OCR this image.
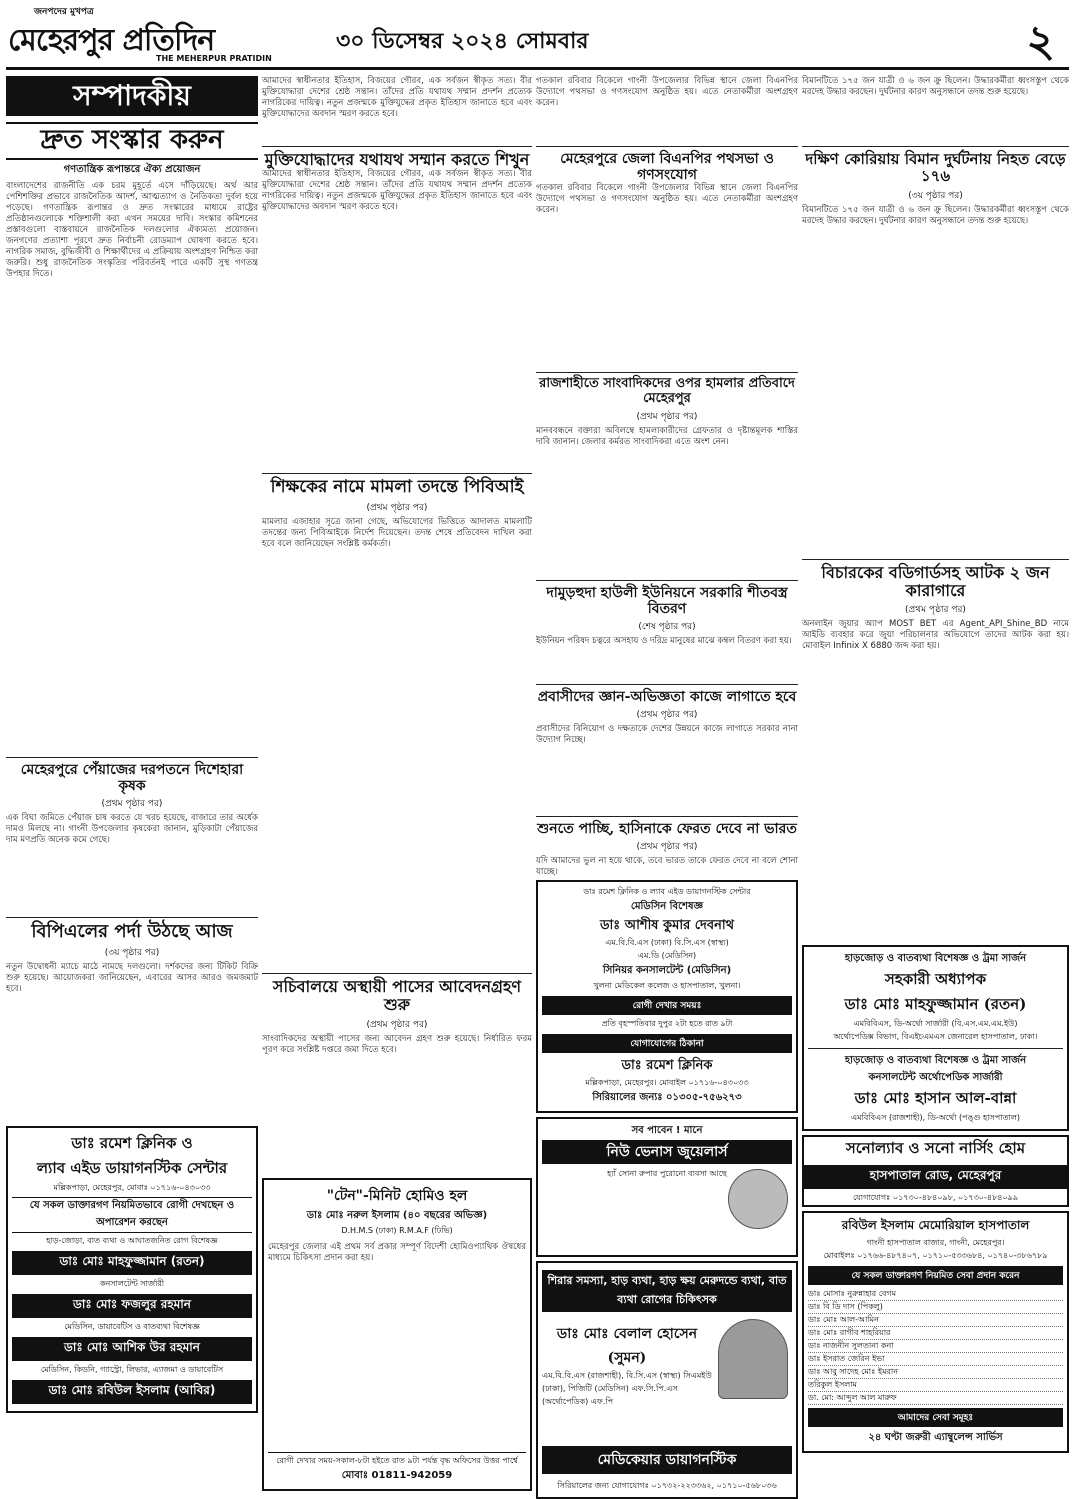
জনপদের মুখপত্র
মেহেরপুর প্রতিদিন
THE MEHERPUR PRATIDIN
৩০ ডিসেম্বর ২০২৪ সোমবার	২
সম্পাদকীয়
দ্রুত সংস্কার করুন
গণতান্ত্রিক রূপান্তরে ঐক্য প্রয়োজন
বাংলাদেশের রাজনীতি এক চরম মুহূর্তে এসে দাঁড়িয়েছে। অর্থ আর পেশিশক্তির প্রভাবে রাজনৈতিক আদর্শ, আত্মত্যাগ ও নৈতিকতা দুর্বল হয়ে পড়েছে। গণতান্ত্রিক রূপান্তর ও দ্রুত সংস্কারের মাধ্যমে রাষ্ট্রের প্রতিষ্ঠানগুলোকে শক্তিশালী করা এখন সময়ের দাবি। সংস্কার কমিশনের প্রস্তাবগুলো বাস্তবায়নে রাজনৈতিক দলগুলোর ঐক্যমত্য প্রয়োজন। জনগণের প্রত্যাশা পূরণে দ্রুত নির্বাচনী রোডম্যাপ ঘোষণা করতে হবে। নাগরিক সমাজ, বুদ্ধিজীবী ও শিক্ষার্থীদের এ প্রক্রিয়ায় অংশগ্রহণ নিশ্চিত করা জরুরি। শুধু রাজনৈতিক সংস্কৃতির পরিবর্তনই পারে একটি সুস্থ গণতন্ত্র উপহার দিতে।
মেহেরপুরে পেঁয়াজের দরপতনে দিশেহারা কৃষক
(প্রথম পৃষ্ঠার পর)
এক বিঘা জমিতে পেঁয়াজ চাষ করতে যে খরচ হয়েছে, বাজারে তার অর্ধেক দামও মিলছে না। গাংনী উপজেলার কৃষকেরা জানান, মুড়িকাটা পেঁয়াজের দাম মণপ্রতি অনেক কমে গেছে।
বিপিএলের পর্দা উঠছে আজ
(৩য় পৃষ্ঠার পর)
নতুন উদ্বোধনী ম্যাচে মাঠে নামছে দলগুলো। দর্শকদের জন্য টিকিট বিক্রি শুরু হয়েছে। আয়োজকরা জানিয়েছেন, এবারের আসর আরও জমজমাট হবে।
ডাঃ রমেশ ক্লিনিক ও
ল্যাব এইড ডায়াগনস্টিক সেন্টার
মল্লিকপাড়া, মেহেরপুর, মোবাঃ ০১৭১৬-০৪৩০৩৩
যে সকল ডাক্তারগণ নিয়মিতভাবে রোগী দেখছেন ও অপারেশন করছেন
হাড়-জোড়া, বাত ব্যথা ও আঘাতজনিত রোগ বিশেষজ্ঞ
ডাঃ মোঃ মাহফুজ্জামান (রতন)
কনসালটেন্ট সার্জারী
ডাঃ মোঃ ফজলুর রহমান
মেডিসিন, ডায়াবেটিস ও বাতব্যথা বিশেষজ্ঞ
ডাঃ মোঃ আশিক উর রহমান
মেডিসিন, কিডনি, গ্যাস্ট্রো, লিভার, এ্যাজমা ও ডায়াবেটিস
ডাঃ মোঃ রবিউল ইসলাম (আবির)
আমাদের স্বাধীনতার ইতিহাস, বিজয়ের গৌরব, এক সর্বজন স্বীকৃত সত্য। বীর মুক্তিযোদ্ধারা দেশের শ্রেষ্ঠ সন্তান। তাঁদের প্রতি যথাযথ সম্মান প্রদর্শন প্রত্যেক নাগরিকের দায়িত্ব। নতুন প্রজন্মকে মুক্তিযুদ্ধের প্রকৃত ইতিহাস জানাতে হবে এবং মুক্তিযোদ্ধাদের অবদান স্মরণ করতে হবে।
মুক্তিযোদ্ধাদের যথাযথ সম্মান করতে শিখুন
আমাদের স্বাধীনতার ইতিহাস, বিজয়ের গৌরব, এক সর্বজন স্বীকৃত সত্য। বীর মুক্তিযোদ্ধারা দেশের শ্রেষ্ঠ সন্তান। তাঁদের প্রতি যথাযথ সম্মান প্রদর্শন প্রত্যেক নাগরিকের দায়িত্ব। নতুন প্রজন্মকে মুক্তিযুদ্ধের প্রকৃত ইতিহাস জানাতে হবে এবং মুক্তিযোদ্ধাদের অবদান স্মরণ করতে হবে।
শিক্ষকের নামে মামলা তদন্তে পিবিআই
(প্রথম পৃষ্ঠার পর)
মামলার এজাহার সূত্রে জানা গেছে, অভিযোগের ভিত্তিতে আদালত মামলাটি তদন্তের জন্য পিবিআইকে নির্দেশ দিয়েছেন। তদন্ত শেষে প্রতিবেদন দাখিল করা হবে বলে জানিয়েছেন সংশ্লিষ্ট কর্মকর্তা।
সচিবালয়ে অস্থায়ী পাসের আবেদনগ্রহণ শুরু
(প্রথম পৃষ্ঠার পর)
সাংবাদিকদের অস্থায়ী পাসের জন্য আবেদন গ্রহণ শুরু হয়েছে। নির্ধারিত ফরম পূরণ করে সংশ্লিষ্ট দপ্তরে জমা দিতে হবে।
"টেন"-মিনিট হোমিও হল
ডাঃ মোঃ নরুল ইসলাম (৪০ বছরের অভিজ্ঞ)
D.H.M.S (ঢাকা) R.M.A.F (ঢিভি)
মেহেরপুর জেলার এই প্রথম সর্ব প্রকার সম্পূর্ণ বিদেশী হোমিওপ্যাথিক ঔষধের মাধ্যমে চিকিৎসা প্রদান করা হয়।
রোগী দেখার সময়-সকাল-৮টা হইতে রাত ৯টা পর্যন্ত বৃদ্ধ অফিসের উত্তর পার্শ্বে
মোবাঃ 01811-942059
গতকাল রবিবার বিকেলে গাংনী উপজেলার বিভিন্ন স্থানে জেলা বিএনপির উদ্যোগে পথসভা ও গণসংযোগ অনুষ্ঠিত হয়। এতে নেতাকর্মীরা অংশগ্রহণ করেন।
মেহেরপুরে জেলা বিএনপির পথসভা ও গণসংযোগ
গতকাল রবিবার বিকেলে গাংনী উপজেলার বিভিন্ন স্থানে জেলা বিএনপির উদ্যোগে পথসভা ও গণসংযোগ অনুষ্ঠিত হয়। এতে নেতাকর্মীরা অংশগ্রহণ করেন।
রাজশাহীতে সাংবাদিকদের ওপর হামলার প্রতিবাদে মেহেরপুর
(প্রথম পৃষ্ঠার পর)
মানববন্ধনে বক্তারা অবিলম্বে হামলাকারীদের গ্রেফতার ও দৃষ্টান্তমূলক শাস্তির দাবি জানান। জেলার কর্মরত সাংবাদিকরা এতে অংশ নেন।
দামুড়হুদা হাউলী ইউনিয়নে সরকারি শীতবস্ত্র বিতরণ
(শেষ পৃষ্ঠার পর)
ইউনিয়ন পরিষদ চত্বরে অসহায় ও দরিদ্র মানুষের মাঝে কম্বল বিতরণ করা হয়।
প্রবাসীদের জ্ঞান-অভিজ্ঞতা কাজে লাগাতে হবে
(প্রথম পৃষ্ঠার পর)
প্রবাসীদের বিনিয়োগ ও দক্ষতাকে দেশের উন্নয়নে কাজে লাগাতে সরকার নানা উদ্যোগ নিচ্ছে।
শুনতে পাচ্ছি, হাসিনাকে ফেরত দেবে না ভারত
(প্রথম পৃষ্ঠার পর)
যদি আমাদের ভুল না হয়ে থাকে, তবে ভারত তাকে ফেরত দেবে না বলে শোনা যাচ্ছে।
ডাঃ রমেশ ক্লিনিক ও ল্যাব এইড ডায়াগনস্টিক সেন্টার
মেডিসিন বিশেষজ্ঞ
ডাঃ আশীষ কুমার দেবনাথ
এম.বি.বি.এস (ঢাকা) বি.সি.এস (স্বাস্থ্য)
এম.ডি (মেডিসিন)
সিনিয়র কনসালটেন্ট (মেডিসিন)
খুলনা মেডিকেল কলেজ ও হাসপাতাল, খুলনা।
রোগী দেখার সময়ঃ
প্রতি বৃহস্পতিবার দুপুর ২টা হতে রাত ৯টা
যোগাযোগের ঠিকানা
ডাঃ রমেশ ক্লিনিক
মল্লিকপাড়া, মেহেরপুর। মোবাইল ০১৭১৬-০৪৩০৩৩
সিরিয়ালের জন্যঃ ০১৩০৫-৭৫৬২৭৩
সব পাবেন ! মানে
নিউ ভেনাস জুয়েলার্স
হ্যাঁ সোনা রুপার পুরোনো ব্যবসা আছে
শিরার সমস্যা, হাড় ব্যথা, হাড় ক্ষয় মেরুদন্ডে ব্যথা, বাত ব্যথা রোগের চিকিৎসক
ডাঃ মোঃ বেলাল হোসেন (সুমন)
এম.বি.বি.এস (রাজশাহী), বি.সি.এস (স্বাস্থ্য) সিএমইউ (ঢাকা), পিজিটি (মেডিসিন) এফ.সি.পি.এস (অর্থোপেডিক) এফ.পি
মেডিকেয়ার ডায়াগনস্টিক
সিরিয়ালের জন্য যোগাযোগঃ ০১৭৩২-২২৩৩৬২, ০১৭১০-৫৬৮০৩৬
বিমানটিতে ১৭৫ জন যাত্রী ও ৬ জন ক্রু ছিলেন। উদ্ধারকর্মীরা ধ্বংসস্তূপ থেকে মরদেহ উদ্ধার করছেন। দুর্ঘটনার কারণ অনুসন্ধানে তদন্ত শুরু হয়েছে।
দক্ষিণ কোরিয়ায় বিমান দুর্ঘটনায় নিহত বেড়ে ১৭৬
(৩য় পৃষ্ঠার পর)
বিমানটিতে ১৭৫ জন যাত্রী ও ৬ জন ক্রু ছিলেন। উদ্ধারকর্মীরা ধ্বংসস্তূপ থেকে মরদেহ উদ্ধার করছেন। দুর্ঘটনার কারণ অনুসন্ধানে তদন্ত শুরু হয়েছে।
বিচারকের বডিগার্ডসহ আটক ২ জন কারাগারে
(প্রথম পৃষ্ঠার পর)
অনলাইন জুয়ার অ্যাপ MOST BET এর Agent_API_Shine_BD নামে আইডি ব্যবহার করে জুয়া পরিচালনার অভিযোগে তাদের আটক করা হয়। মোবাইল Infinix X 6880 জব্দ করা হয়।
হাড়জোড় ও বাতব্যথা বিশেষজ্ঞ ও ট্রমা সার্জন
সহকারী অধ্যাপক
ডাঃ মোঃ মাহফুজ্জামান (রতন)
এমবিবিএস, ডি-অর্থো সার্জারী (বি.এস.এম.এম.ইউ)
অর্থোপেডিক্স বিভাগ, বিএইচএমএস জেনারেল হাসপাতাল, ঢাকা।
হাড়জোড় ও বাতব্যথা বিশেষজ্ঞ ও ট্রমা সার্জন
কনসালটেন্ট অর্থোপেডিক সার্জারী
ডাঃ মোঃ হাসান আল-বান্না
এমবিবিএস (রাজশাহী), ডি-অর্থো (পঙ্গু হাসপাতাল)
সনোল্যাব ও সনো নার্সিং হোম
হাসপাতাল রোড, মেহেরপুর
যোগাযোগঃ ০১৭৩০-৪৮৪০৯৮, ০১৭৩০-৪৮৪০৯৯
রবিউল ইসলাম মেমোরিয়াল হাসপাতাল
গাংনী হাসপাতাল বাজার, গাংনী, মেহেরপুর।
মোবাইলঃ ০১৭৬৬-৪৮৭৪০৭, ০১৭১০-৫৩৩৬৮৪, ০১৭৪০-৩৮৬৭৮৯
যে সকল ডাক্তারগণ নিয়মিত সেবা প্রদান করেন
ডাঃ মোসাঃ নুরুন্নাহার বেগম
ডাঃ বি ডি দাস (পিকলু)
ডাঃ মোঃ আল-আমিন
ডাঃ মোঃ রাগীব শাহরিয়ার
ডাঃ নাজনীন সুলতানা কনা
ডাঃ ইসরাত জেরিন ইভা
ডাঃ আবু সাদেহ মোঃ ইমরান
তরিকুল ইসলাম
ডা. মো: আব্দুল আল মারুফ
আমাদের সেবা সমূহঃ
২৪ ঘণ্টা জরুরী এ্যাম্বুলেন্স সার্ভিস
